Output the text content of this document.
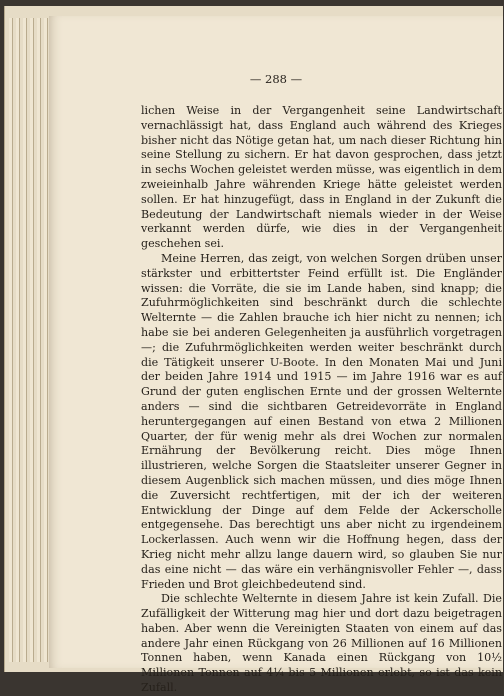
— 288 —

lichen Weise in der Vergangenheit seine Landwirtschaft vernachlässigt hat, dass England auch während des Krieges bisher nicht das Nötige getan hat, um nach dieser Richtung hin seine Stellung zu sichern. Er hat davon gesprochen, dass jetzt in sechs Wochen geleistet werden müsse, was eigentlich in dem zweieinhalb Jahre währenden Kriege hätte geleistet werden sollen. Er hat hinzugefügt, dass in England in der Zukunft die Bedeutung der Landwirtschaft niemals wieder in der Weise verkannt werden dürfe, wie dies in der Vergangenheit geschehen sei.

Meine Herren, das zeigt, von welchen Sorgen drüben unser stärkster und erbittertster Feind erfüllt ist. Die Engländer wissen: die Vorräte, die sie im Lande haben, sind knapp; die Zufuhrmöglichkeiten sind beschränkt durch die schlechte Welternte — die Zahlen brauche ich hier nicht zu nennen; ich habe sie bei anderen Gelegenheiten ja ausführlich vorgetragen —; die Zufuhrmöglichkeiten werden weiter beschränkt durch die Tätigkeit unserer U-Boote. In den Monaten Mai und Juni der beiden Jahre 1914 und 1915 — im Jahre 1916 war es auf Grund der guten englischen Ernte und der grossen Welternte anders — sind die sichtbaren Getreidevorräte in England heruntergegangen auf einen Bestand von etwa 2 Millionen Quarter, der für wenig mehr als drei Wochen zur normalen Ernährung der Bevölkerung reicht. Dies möge Ihnen illustrieren, welche Sorgen die Staatsleiter unserer Gegner in diesem Augenblick sich machen müssen, und dies möge Ihnen die Zuversicht rechtfertigen, mit der ich der weiteren Entwicklung der Dinge auf dem Felde der Ackerscholle entgegensehe. Das berechtigt uns aber nicht zu irgendeinem Lockerlassen. Auch wenn wir die Hoffnung hegen, dass der Krieg nicht mehr allzu lange dauern wird, so glauben Sie nur das eine nicht — das wäre ein verhängnisvoller Fehler —, dass Frieden und Brot gleichbedeutend sind.

Die schlechte Welternte in diesem Jahre ist kein Zufall. Die Zufälligkeit der Witterung mag hier und dort dazu beigetragen haben. Aber wenn die Vereinigten Staaten von einem auf das andere Jahr einen Rückgang von 26 Millionen auf 16 Millionen Tonnen haben, wenn Kanada einen Rückgang von 10½ Millionen Tonnen auf 4¼ bis 5 Millionen erlebt, so ist das kein Zufall.
